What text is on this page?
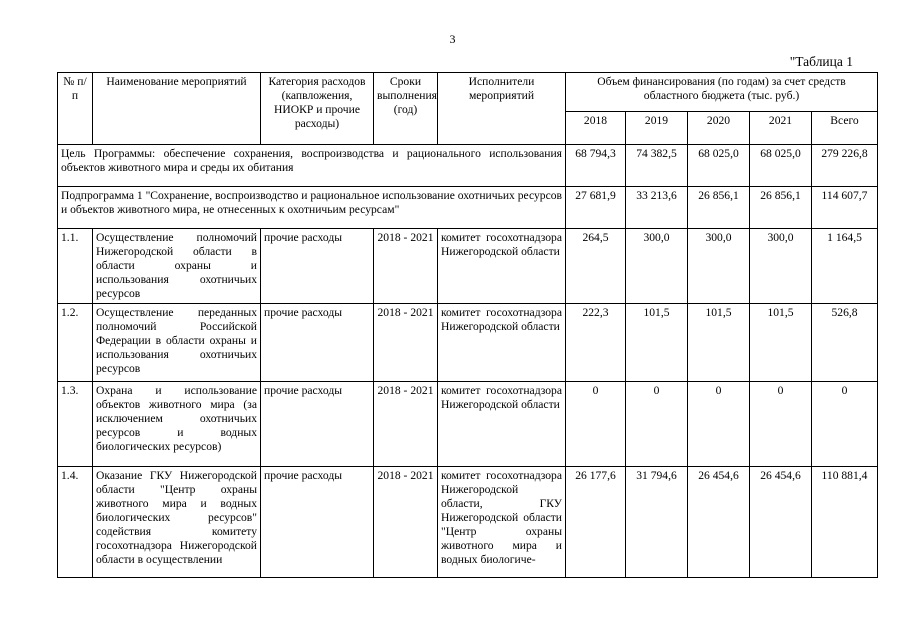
3
"Таблица 1
№ п/п	Наименование мероприятий	Категория расходов (капвложения, НИОКР и прочие расходы)	Сроки выполнения (год)	Исполнители мероприятий	Объем финансирования (по годам) за счет средств областного бюджета (тыс. руб.)				
					2018	2019	2020	2021	Всего
Цель Программы: обеспечение сохранения, воспроизводства и рационального использования объектов животного мира и среды их обитания					68 794,3	74 382,5	68 025,0	68 025,0	279 226,8
Подпрограмма 1 "Сохранение, воспроизводство и рациональное использование охотничьих ресурсов и объектов животного мира, не отнесенных к охотничьим ресурсам"					27 681,9	33 213,6	26 856,1	26 856,1	114 607,7
1.1.	Осуществление полномочий Нижегородской области в области охраны и использования охотничьих ресурсов	прочие расходы	2018 - 2021	комитет госохотнадзора Нижегородской области	264,5	300,0	300,0	300,0	1 164,5
1.2.	Осуществление переданных полномочий Российской Федерации в области охраны и использования охотничьих ресурсов	прочие расходы	2018 - 2021	комитет госохотнадзора Нижегородской области	222,3	101,5	101,5	101,5	526,8
1.3.	Охрана и использование объектов животного мира (за исключением охотничьих ресурсов и водных биологических ресурсов)	прочие расходы	2018 - 2021	комитет госохотнадзора Нижегородской области	0	0	0	0	0
1.4.	Оказание ГКУ Нижегородской области "Центр охраны животного мира и водных биологических ресурсов" содействия комитету госохотнадзора Нижегородской области в осуществлении	прочие расходы	2018 - 2021	комитет госохотнадзора Нижегородской области, ГКУ Нижегородской области "Центр охраны животного мира и водных биологиче-	26 177,6	31 794,6	26 454,6	26 454,6	110 881,4
